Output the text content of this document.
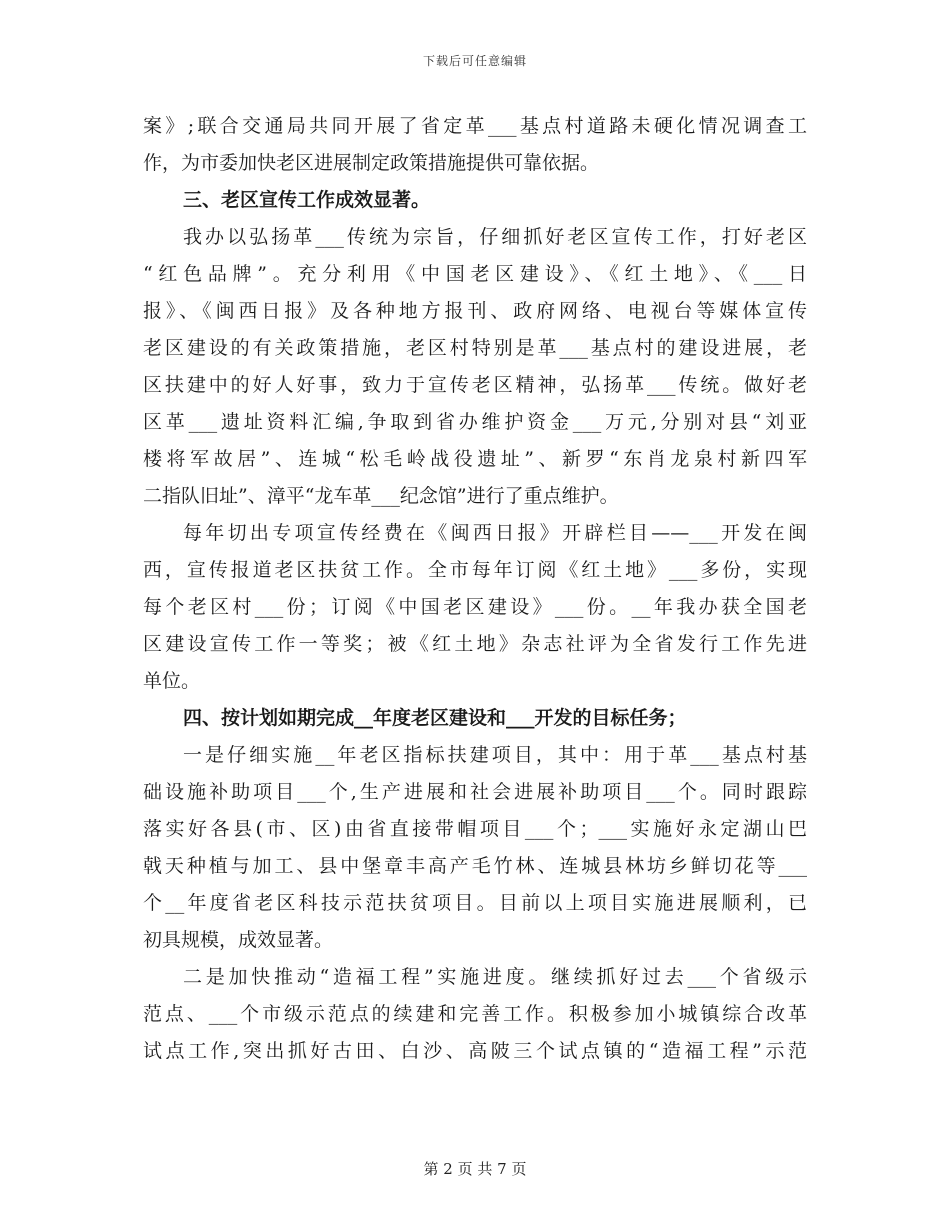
下载后可任意编辑
案》;联合交通局共同开展了省定革___基点村道路未硬化情况调查工
作，为市委加快老区进展制定政策措施提供可靠依据。
三、老区宣传工作成效显著。
我办以弘扬革___传统为宗旨，仔细抓好老区宣传工作，打好老区
“红色品牌”。充分利用《中国老区建设》、《红土地》、《___日
报》、《闽西日报》及各种地方报刊、政府网络、电视台等媒体宣传
老区建设的有关政策措施，老区村特别是革___基点村的建设进展，老
区扶建中的好人好事，致力于宣传老区精神，弘扬革___传统。做好老
区革___遗址资料汇编,争取到省办维护资金___万元,分别对县“刘亚
楼将军故居”、连城“松毛岭战役遗址”、新罗“东肖龙泉村新四军
二指队旧址”、漳平“龙车革___纪念馆”进行了重点维护。
每年切出专项宣传经费在《闽西日报》开辟栏目——___开发在闽
西，宣传报道老区扶贫工作。全市每年订阅《红土地》___多份，实现
每个老区村___份；订阅《中国老区建设》___份。__年我办获全国老
区建设宣传工作一等奖；被《红土地》杂志社评为全省发行工作先进
单位。
四、按计划如期完成__年度老区建设和___开发的目标任务；
一是仔细实施__年老区指标扶建项目，其中：用于革___基点村基
础设施补助项目___个,生产进展和社会进展补助项目___个。同时跟踪
落实好各县(市、区)由省直接带帽项目___个；___实施好永定湖山巴
戟天种植与加工、县中堡章丰高产毛竹林、连城县林坊乡鲜切花等___
个__年度省老区科技示范扶贫项目。目前以上项目实施进展顺利，已
初具规模，成效显著。
二是加快推动“造福工程”实施进度。继续抓好过去___个省级示
范点、___个市级示范点的续建和完善工作。积极参加小城镇综合改革
试点工作,突出抓好古田、白沙、高陂三个试点镇的“造福工程”示范
第 2 页 共 7 页
